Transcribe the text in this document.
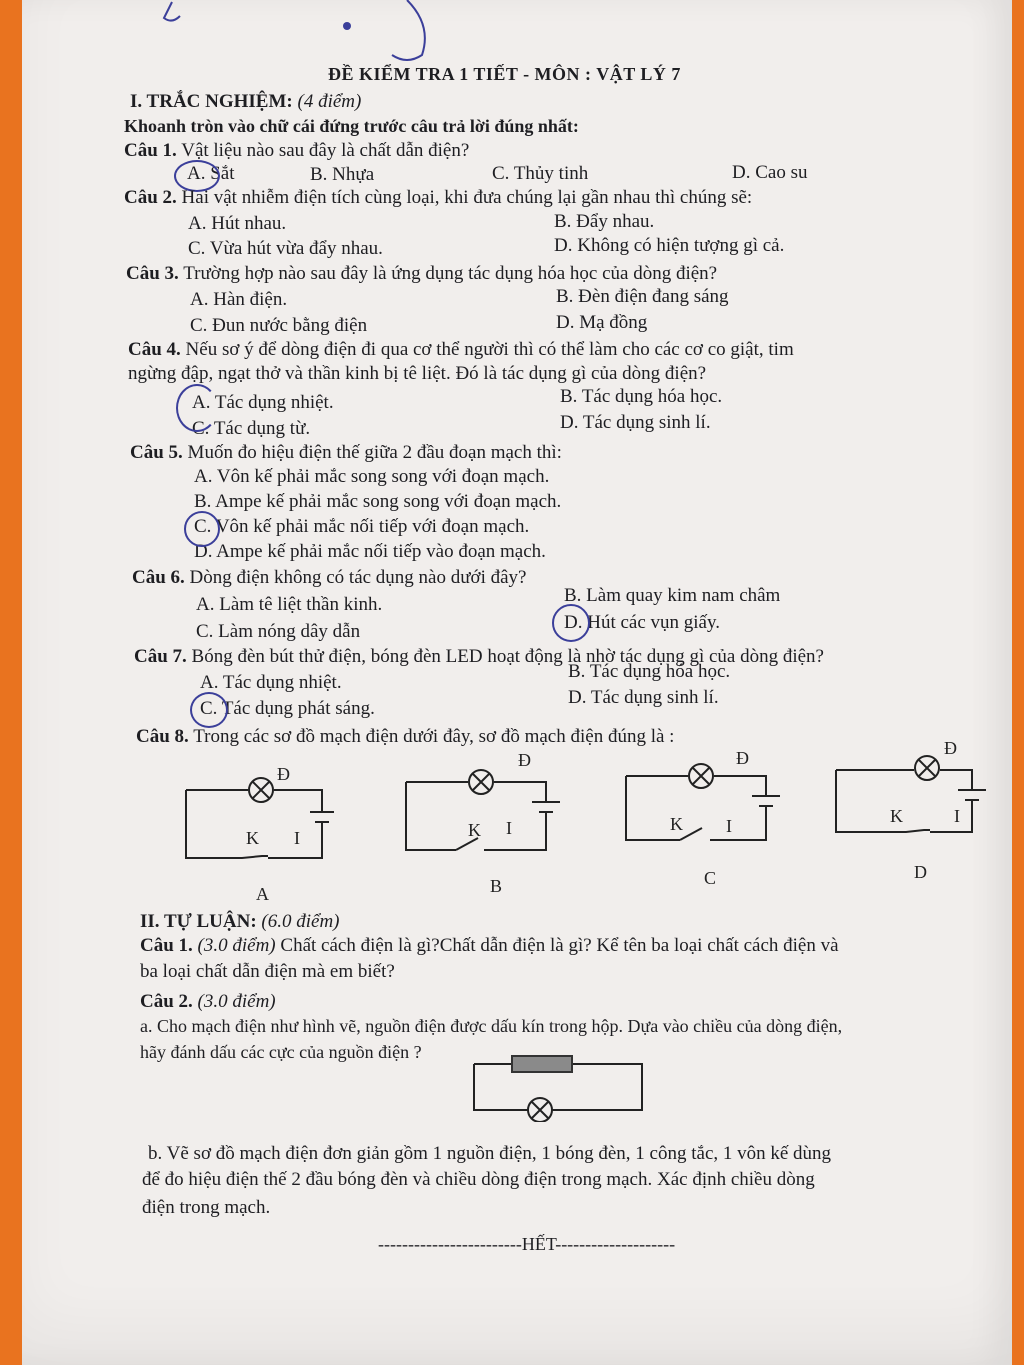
ĐỀ KIỂM TRA 1 TIẾT - MÔN : VẬT LÝ 7
I. TRẮC NGHIỆM: (4 điểm)
Khoanh tròn vào chữ cái đứng trước câu trả lời đúng nhất:
Câu 1. Vật liệu nào sau đây là chất dẫn điện?
A. Sắt	B. Nhựa	C. Thủy tinh	D. Cao su
Câu 2. Hai vật nhiễm điện tích cùng loại, khi đưa chúng lại gần nhau thì chúng sẽ:
A. Hút nhau.	B. Đẩy nhau.
C. Vừa hút vừa đẩy nhau.	D. Không có hiện tượng gì cả.
Câu 3. Trường hợp nào sau đây là ứng dụng tác dụng hóa học của dòng điện?
A. Hàn điện.	B. Đèn điện đang sáng
C. Đun nước bằng điện	D. Mạ đồng
Câu 4. Nếu sơ ý để dòng điện đi qua cơ thể người thì có thể làm cho các cơ co giật, tim
ngừng đập, ngạt thở và thần kinh bị tê liệt. Đó là tác dụng gì của dòng điện?
A. Tác dụng nhiệt.	B. Tác dụng hóa học.
C. Tác dụng từ.	D. Tác dụng sinh lí.
Câu 5. Muốn đo hiệu điện thế giữa 2 đầu đoạn mạch thì:
A. Vôn kế phải mắc song song với đoạn mạch.
B. Ampe kế phải mắc song song với đoạn mạch.
C. Vôn kế phải mắc nối tiếp với đoạn mạch.
D. Ampe kế phải mắc nối tiếp vào đoạn mạch.
Câu 6. Dòng điện không có tác dụng nào dưới đây?
A. Làm tê liệt thần kinh.	B. Làm quay kim nam châm
C. Làm nóng dây dẫn	D. Hút các vụn giấy.
Câu 7. Bóng đèn bút thử điện, bóng đèn LED hoạt động là nhờ tác dụng gì của dòng điện?
A. Tác dụng nhiệt.
B. Tác dụng hóa học.
C. Tác dụng phát sáng.
D. Tác dụng sinh lí.
Câu 8. Trong các sơ đồ mạch điện dưới đây, sơ đồ mạch điện đúng là :
Đ
K I
A
Đ
K I
B
Đ
K I
C
Đ
K	I
D
II. TỰ LUẬN: (6.0 điểm)
Câu 1. (3.0 điểm) Chất cách điện là gì?Chất dẫn điện là gì? Kể tên ba loại chất cách điện và
ba loại chất dẫn điện mà em biết?
Câu 2. (3.0 điểm)
a. Cho mạch điện như hình vẽ, nguồn điện được dấu kín trong hộp. Dựa vào chiều của dòng điện,
hãy đánh dấu các cực của nguồn điện ?
b. Vẽ sơ đồ mạch điện đơn giản gồm 1 nguồn điện, 1 bóng đèn, 1 công tắc, 1 vôn kế dùng
để đo hiệu điện thế 2 đầu bóng đèn và chiều dòng điện trong mạch. Xác định chiều dòng
điện trong mạch.
------------------------HẾT--------------------
